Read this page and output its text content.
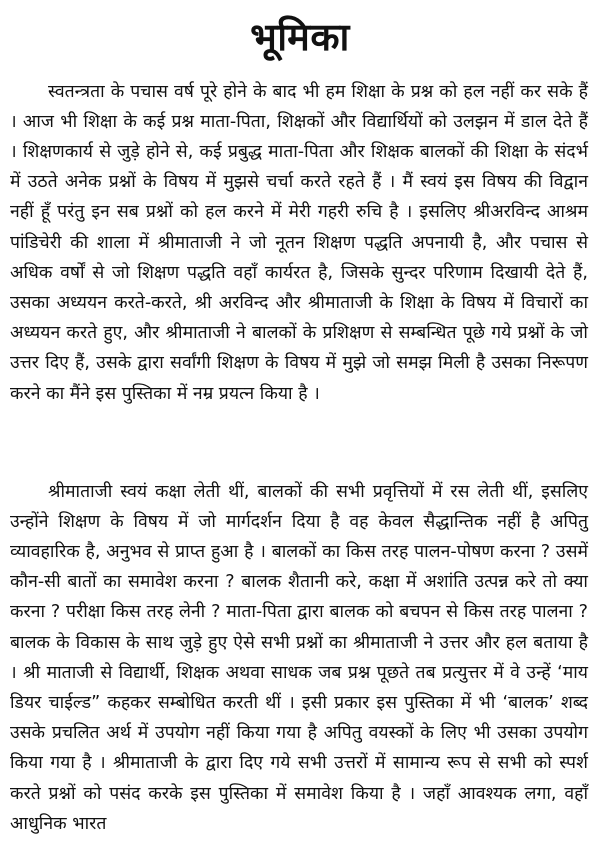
भूमिका

स्वतन्त्रता के पचास वर्ष पूरे होने के बाद भी हम शिक्षा के प्रश्न को हल नहीं कर सके हैं । आज भी शिक्षा के कई प्रश्न माता-पिता, शिक्षकों और विद्यार्थियों को उलझन में डाल देते हैं । शिक्षणकार्य से जुड़े होने से, कई प्रबुद्ध माता-पिता और शिक्षक बालकों की शिक्षा के संदर्भ में उठते अनेक प्रश्नों के विषय में मुझसे चर्चा करते रहते हैं । मैं स्वयं इस विषय की विद्वान नहीं हूँ परंतु इन सब प्रश्नों को हल करने में मेरी गहरी रुचि है । इसलिए श्रीअरविन्द आश्रम पांडिचेरी की शाला में श्रीमाताजी ने जो नूतन शिक्षण पद्धति अपनायी है, और पचास से अधिक वर्षों से जो शिक्षण पद्धति वहाँ कार्यरत है, जिसके सुन्दर परिणाम दिखायी देते हैं, उसका अध्ययन करते-करते, श्री अरविन्द और श्रीमाताजी के शिक्षा के विषय में विचारों का अध्ययन करते हुए, और श्रीमाताजी ने बालकों के प्रशिक्षण से सम्बन्धित पूछे गये प्रश्नों के जो उत्तर दिए हैं, उसके द्वारा सर्वांगी शिक्षण के विषय में मुझे जो समझ मिली है उसका निरूपण करने का मैंने इस पुस्तिका में नम्र प्रयत्न किया है ।

श्रीमाताजी स्वयं कक्षा लेती थीं, बालकों की सभी प्रवृत्तियों में रस लेती थीं, इसलिए उन्होंने शिक्षण के विषय में जो मार्गदर्शन दिया है वह केवल सैद्धान्तिक नहीं है अपितु व्यावहारिक है, अनुभव से प्राप्त हुआ है । बालकों का किस तरह पालन-पोषण करना ? उसमें कौन-सी बातों का समावेश करना ? बालक शैतानी करे, कक्षा में अशांति उत्पन्न करे तो क्या करना ? परीक्षा किस तरह लेनी ? माता-पिता द्वारा बालक को बचपन से किस तरह पालना ? बालक के विकास के साथ जुड़े हुए ऐसे सभी प्रश्नों का श्रीमाताजी ने उत्तर और हल बताया है । श्री माताजी से विद्यार्थी, शिक्षक अथवा साधक जब प्रश्न पूछते तब प्रत्युत्तर में वे उन्हें ‘माय डियर चाईल्ड” कहकर सम्बोधित करती थीं । इसी प्रकार इस पुस्तिका में भी ‘बालक’ शब्द उसके प्रचलित अर्थ में उपयोग नहीं किया गया है अपितु वयस्कों के लिए भी उसका उपयोग किया गया है । श्रीमाताजी के द्वारा दिए गये सभी उत्तरों में सामान्य रूप से सभी को स्पर्श करते प्रश्नों को पसंद करके इस पुस्तिका में समावेश किया है । जहाँ आवश्यक लगा, वहाँ आधुनिक भारत
